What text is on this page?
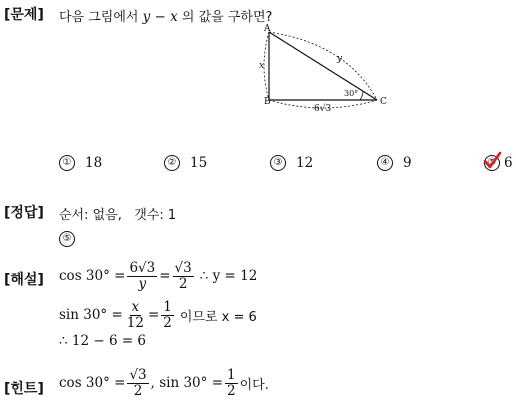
[문제] 다음 그림에서 y − x 의 값을 구하면?
A
B	C
x
y
30°
6√3
① 18	② 15	③ 12	④ 9	⑤ 6
[정답] 순서: 없음,   갯수: 1
⑤
[해설] $\cos 30^\circ = \frac{6√3}{y} = \frac{√3}{2}$ ∴ y = 12
$\sin 30^\circ = \frac{x}{12} = \frac{1}{2}$ 이므로 x = 6
∴ 12 − 6 = 6
[힌트] $\cos 30^\circ = \frac{√3}{2}$ , $\sin 30^\circ = \frac{1}{2}$ 이다.
